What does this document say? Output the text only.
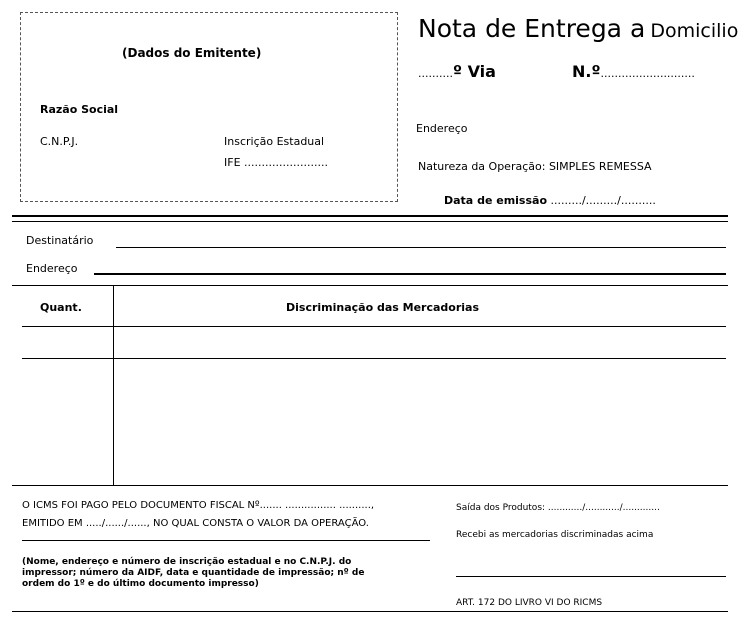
(Dados do Emitente)
Razão Social
C.N.P.J.	Inscrição Estadual
IFE ........................
Nota de Entrega a Domicilio
..........º Via	N.º...........................
Endereço
Natureza da Operação: SIMPLES REMESSA
Data de emissão ........./........./..........
Destinatário
Endereço
Quant.	Discriminação das Mercadorias
O ICMS FOI PAGO PELO DOCUMENTO FISCAL Nº....... ................ ..........,
EMITIDO EM ...../....../......, NO QUAL CONSTA O VALOR DA OPERAÇÃO.
(Nome, endereço e número de inscrição estadual e no C.N.P.J. do impressor; número da AIDF, data e quantidade de impressão; nº de ordem do 1º e do último documento impresso)
Saída dos Produtos: ............/............/.............
Recebi as mercadorias discriminadas acima
ART. 172 DO LIVRO VI DO RICMS
